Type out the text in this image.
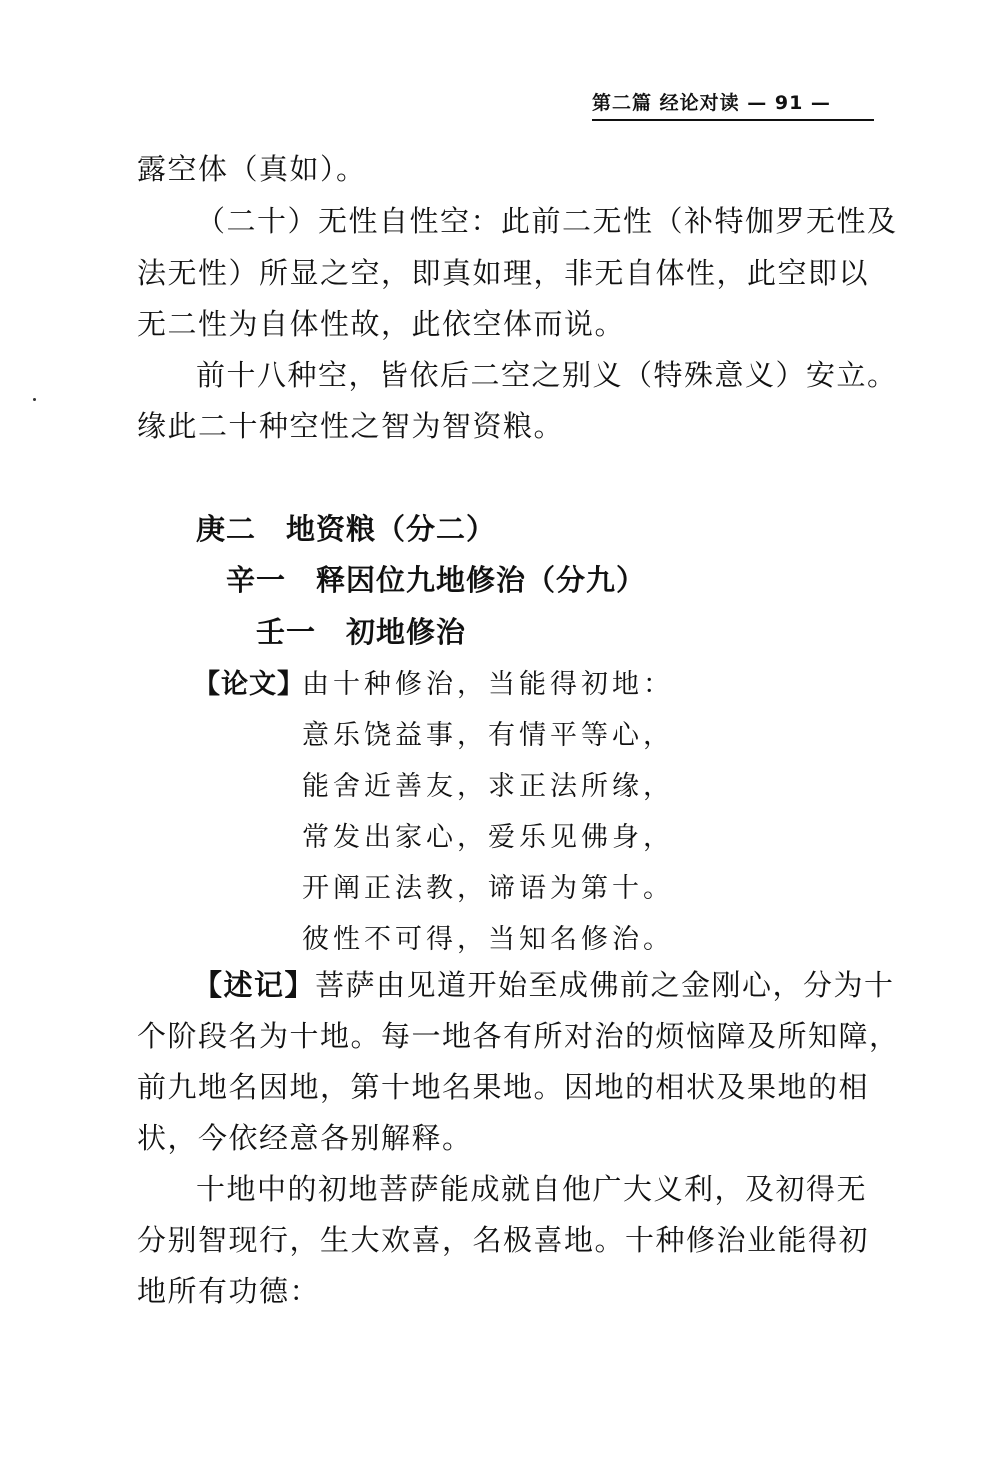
第二篇 经论对读 — 91 —
露空体（真如）。
（二十）无性自性空：此前二无性（补特伽罗无性及
法无性）所显之空，即真如理，非无自体性，此空即以
无二性为自体性故，此依空体而说。
前十八种空，皆依后二空之别义（特殊意义）安立。
缘此二十种空性之智为智资粮。
庚二　地资粮（分二）
辛一　释因位九地修治（分九）
壬一　初地修治
【论文】
由十种修治，当能得初地：
意乐饶益事，有情平等心，
能舍近善友，求正法所缘，
常发出家心，爱乐见佛身，
开阐正法教，谛语为第十。
彼性不可得，当知名修治。
【述记】菩萨由见道开始至成佛前之金刚心，分为十
个阶段名为十地。每一地各有所对治的烦恼障及所知障，
前九地名因地，第十地名果地。因地的相状及果地的相
状，今依经意各别解释。
十地中的初地菩萨能成就自他广大义利，及初得无
分别智现行，生大欢喜，名极喜地。十种修治业能得初
地所有功德：
